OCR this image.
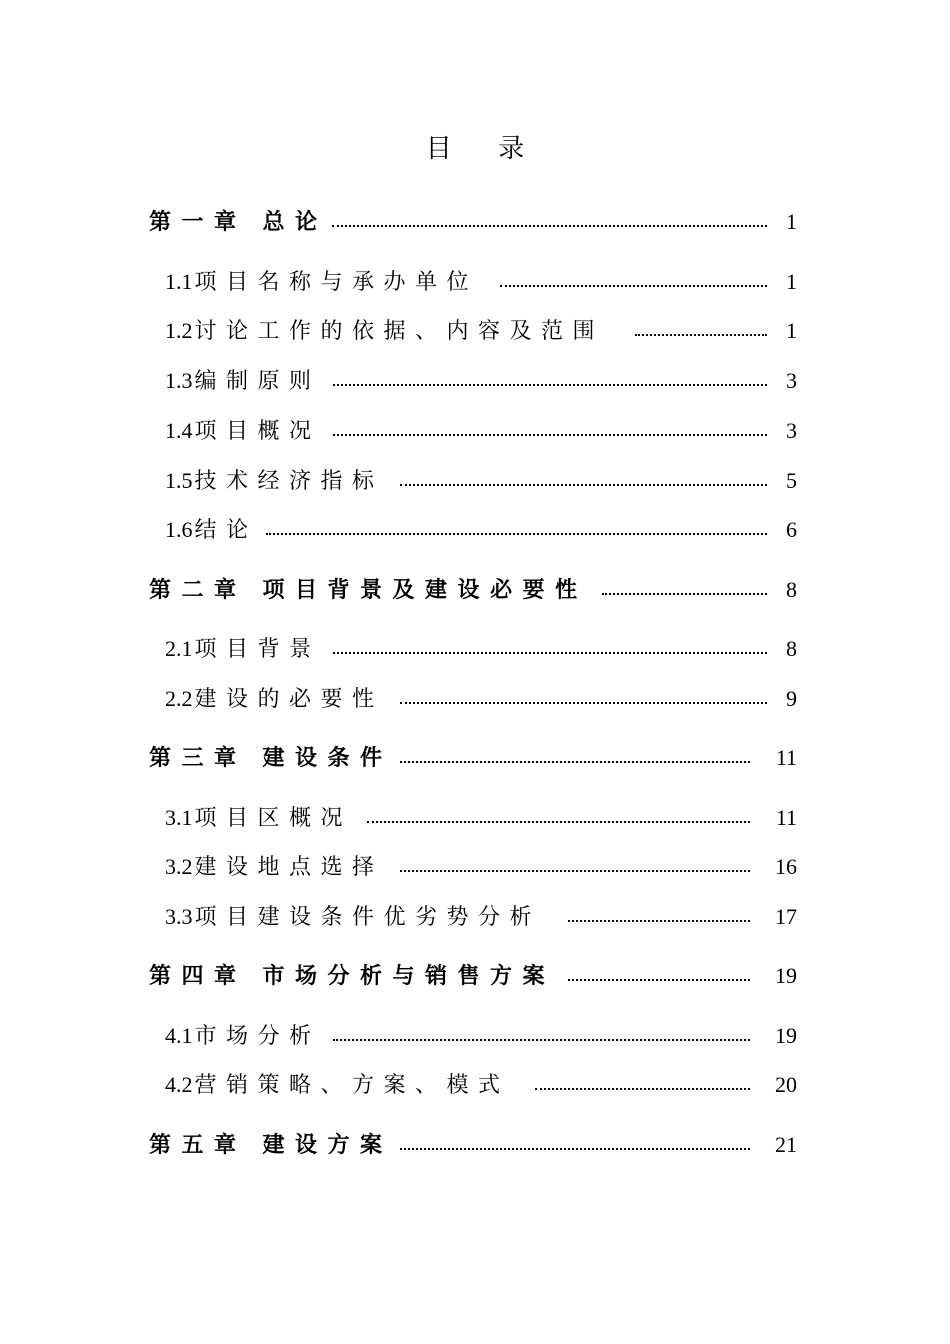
目 录
第一章 总论	1
1.1项目名称与承办单位	1
1.2讨论工作的依据、内容及范围	1
1.3编制原则	3
1.4项目概况	3
1.5技术经济指标	5
1.6结论	6
第二章 项目背景及建设必要性	8
2.1项目背景	8
2.2建设的必要性	9
第三章 建设条件	11
3.1项目区概况	11
3.2建设地点选择	16
3.3项目建设条件优劣势分析	17
第四章 市场分析与销售方案	19
4.1市场分析	19
4.2营销策略、方案、模式	20
第五章 建设方案	21
